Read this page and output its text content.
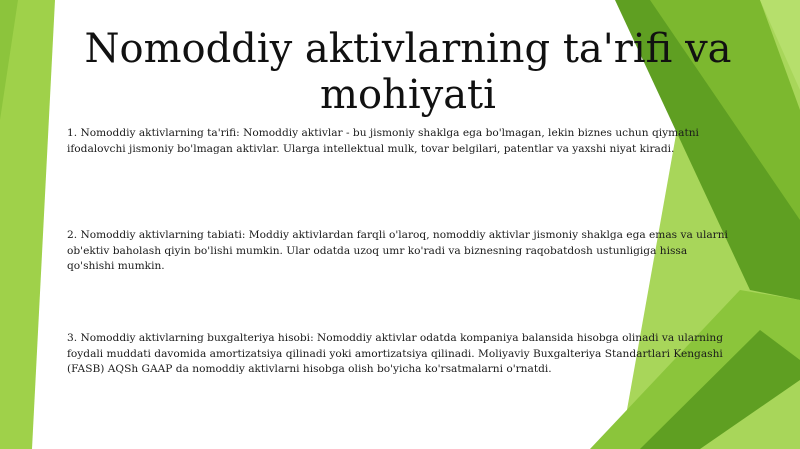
Nomoddiy aktivlarning ta'rifi va mohiyati

1. Nomoddiy aktivlarning ta'rifi: Nomoddiy aktivlar - bu jismoniy shaklga ega bo'lmagan, lekin biznes uchun qiymatni ifodalovchi jismoniy bo'lmagan aktivlar. Ularga intellektual mulk, tovar belgilari, patentlar va yaxshi niyat kiradi.

2. Nomoddiy aktivlarning tabiati: Moddiy aktivlardan farqli o'laroq, nomoddiy aktivlar jismoniy shaklga ega emas va ularni ob'ektiv baholash qiyin bo'lishi mumkin. Ular odatda uzoq umr ko'radi va biznesning raqobatdosh ustunligiga hissa qo'shishi mumkin.

3. Nomoddiy aktivlarning buxgalteriya hisobi: Nomoddiy aktivlar odatda kompaniya balansida hisobga olinadi va ularning foydali muddati davomida amortizatsiya qilinadi yoki amortizatsiya qilinadi. Moliyaviy Buxgalteriya Standartlari Kengashi (FASB) AQSh GAAP da nomoddiy aktivlarni hisobga olish bo'yicha ko'rsatmalarni o'rnatdi.
